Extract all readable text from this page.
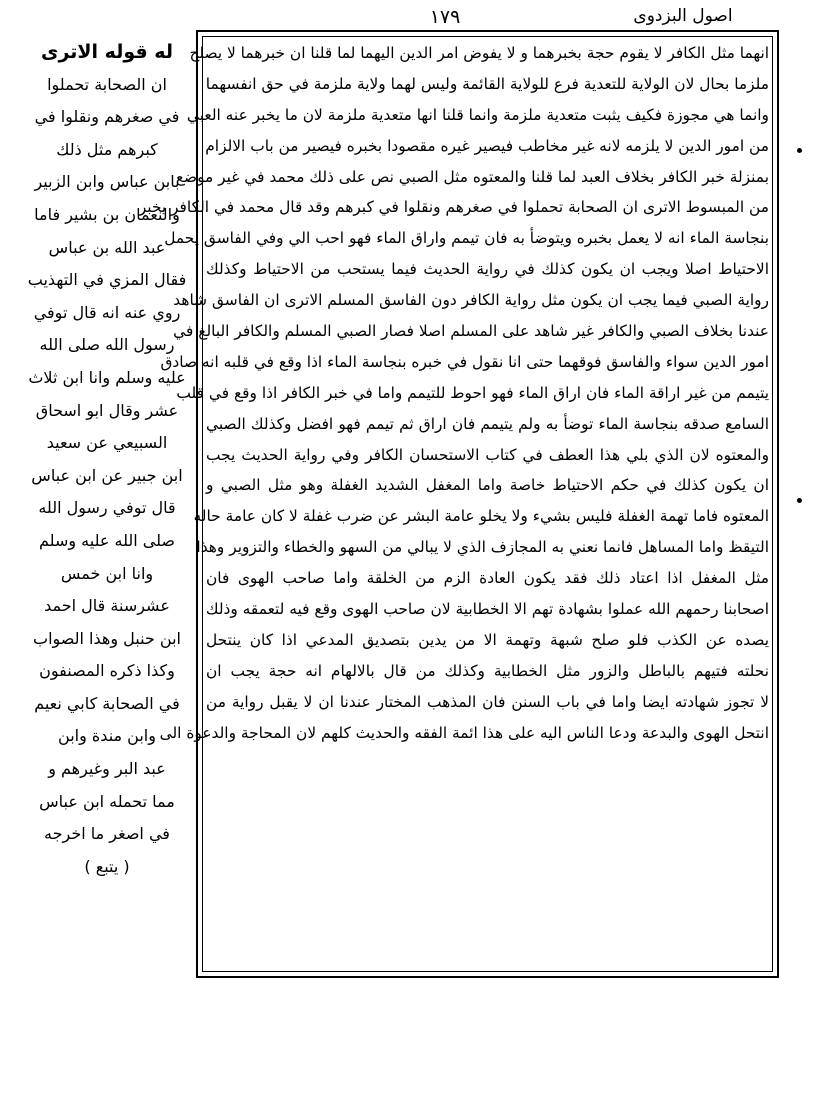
اصول البزدوی
۱۷۹
له قوله الاترى
ان الصحابة تحملوا
في صغرهم ونقلوا في
كبرهم مثل ذلك
بابن عباس وابن الزبير
والنعمان بن بشير فاما
عبد الله بن عباس
فقال المزي في التهذيب
روي عنه انه قال توفي
رسول الله صلى الله
عليه وسلم وانا ابن ثلاث
عشر وقال ابو اسحاق
السبيعي عن سعيد
ابن جبير عن ابن عباس
قال توفي رسول الله
صلى الله عليه وسلم
وانا ابن خمس
عشرسنة قال احمد
ابن حنبل وهذا الصواب
وكذا ذكره المصنفون
في الصحابة كابي نعيم
وابن مندة وابن
عبد البر وغيرهم و
مما تحمله ابن عباس
في اصغر ما اخرجه
( يتبع )
انهما مثل الكافر لا يقوم حجة بخبرهما و لا يفوض امر الدين اليهما لما قلنا ان خبرهما لا يصلح
ملزما بحال لان الولاية للتعدية فرع للولاية القائمة وليس لهما ولاية ملزمة في حق انفسهما
وانما هي مجوزة فكيف يثبت متعدية ملزمة وانما قلنا انها متعدية ملزمة لان ما يخبر عنه العبي
من امور الدين لا يلزمه لانه غير مخاطب فيصير غيره مقصودا بخبره فيصير من باب الالزام
بمنزلة خبر الكافر بخلاف العبد لما قلنا والمعتوه مثل الصبي نص على ذلك محمد في غير موضع
من المبسوط الاترى ان الصحابة تحملوا في صغرهم ونقلوا في كبرهم وقد قال محمد في الكافر يخبر
بنجاسة الماء انه لا يعمل بخبره ويتوضأ به فان تيمم واراق الماء فهو احب الي وفي الفاسق يحمل
الاحتياط اصلا ويجب ان يكون كذلك في رواية الحديث فيما يستحب من الاحتياط وكذلك
رواية الصبي فيما يجب ان يكون مثل رواية الكافر دون الفاسق المسلم الاترى ان الفاسق شاهد
عندنا بخلاف الصبي والكافر غير شاهد على المسلم اصلا فصار الصبي المسلم والكافر البالغ في
امور الدين سواء والفاسق فوقهما حتى انا نقول في خبره بنجاسة الماء اذا وقع في قلبه انه صادق
يتيمم من غير اراقة الماء فان اراق الماء فهو احوط للتيمم واما في خبر الكافر اذا وقع في قلب
السامع صدقه بنجاسة الماء توضأ به ولم يتيمم فان اراق ثم تيمم فهو افضل وكذلك الصبي
والمعتوه لان الذي بلي هذا العطف في كتاب الاستحسان الكافر وفي رواية الحديث يجب
ان يكون كذلك في حكم الاحتياط خاصة واما المغفل الشديد الغفلة وهو مثل الصبي و
المعتوه فاما تهمة الغفلة فليس بشيء ولا يخلو عامة البشر عن ضرب غفلة لا كان عامة حاله
التيقظ واما المساهل فانما نعني به المجازف الذي لا يبالي من السهو والخطاء والتزوير وهذا
مثل المغفل اذا اعتاد ذلك فقد يكون العادة الزم من الخلقة واما صاحب الهوى فان
اصحابنا رحمهم الله عملوا بشهادة تهم الا الخطابية لان صاحب الهوى وقع فيه لتعمقه وذلك
يصده عن الكذب فلو صلح شبهة وتهمة الا من يدين بتصديق المدعي اذا كان ينتحل
نحلته فتيهم بالباطل والزور مثل الخطابية وكذلك من قال بالالهام انه حجة يجب ان
لا تجوز شهادته ايضا واما في باب السنن فان المذهب المختار عندنا ان لا يقبل رواية من
انتحل الهوى والبدعة ودعا الناس اليه على هذا ائمة الفقه والحديث كلهم لان المحاجة والدعوة الى
